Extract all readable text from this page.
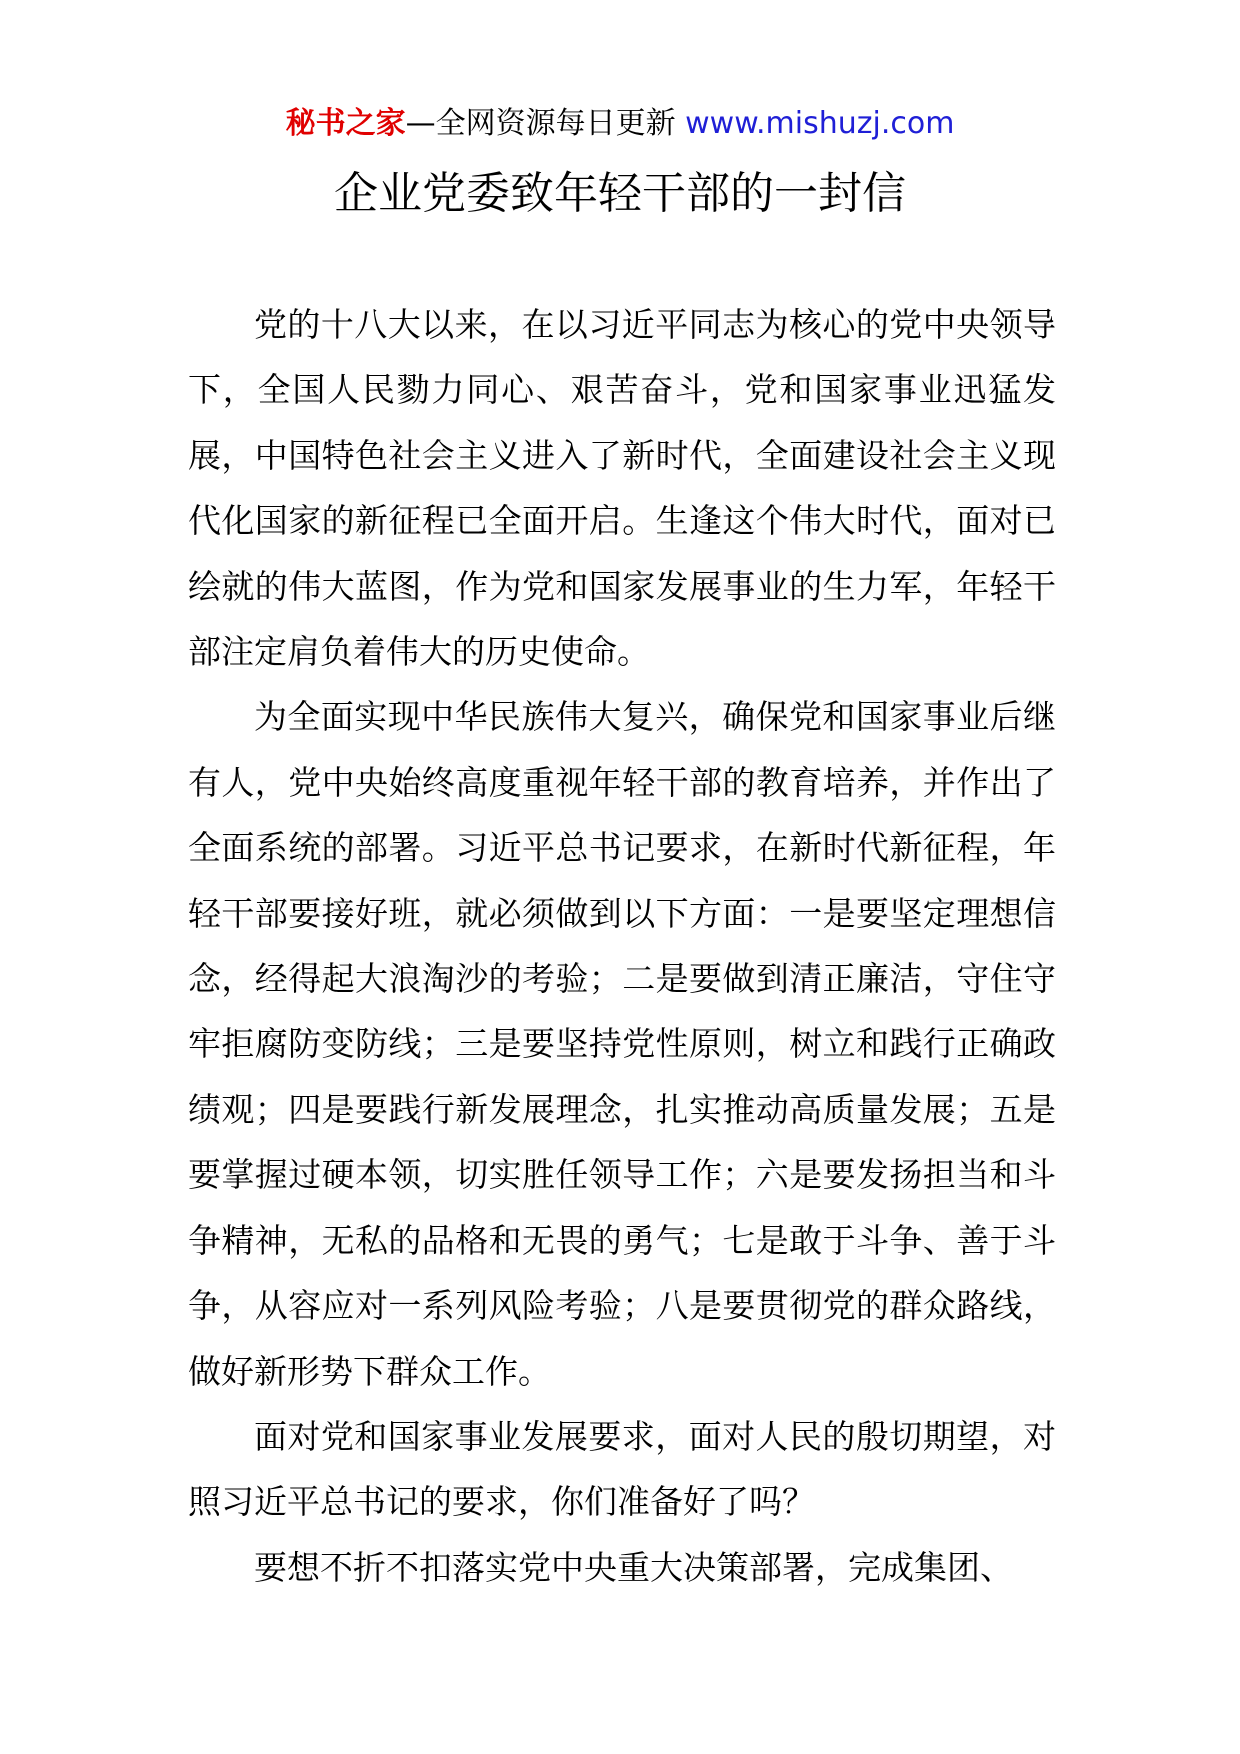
秘书之家—全网资源每日更新 www.mishuzj.com
企业党委致年轻干部的一封信

党的十八大以来，在以习近平同志为核心的党中央领导下，全国人民勠力同心、艰苦奋斗，党和国家事业迅猛发展，中国特色社会主义进入了新时代，全面建设社会主义现代化国家的新征程已全面开启。生逢这个伟大时代，面对已绘就的伟大蓝图，作为党和国家发展事业的生力军，年轻干部注定肩负着伟大的历史使命。

为全面实现中华民族伟大复兴，确保党和国家事业后继有人，党中央始终高度重视年轻干部的教育培养，并作出了全面系统的部署。习近平总书记要求，在新时代新征程，年轻干部要接好班，就必须做到以下方面：一是要坚定理想信念，经得起大浪淘沙的考验；二是要做到清正廉洁，守住守牢拒腐防变防线；三是要坚持党性原则，树立和践行正确政绩观；四是要践行新发展理念，扎实推动高质量发展；五是要掌握过硬本领，切实胜任领导工作；六是要发扬担当和斗争精神，无私的品格和无畏的勇气；七是敢于斗争、善于斗争，从容应对一系列风险考验；八是要贯彻党的群众路线，做好新形势下群众工作。

面对党和国家事业发展要求，面对人民的殷切期望，对照习近平总书记的要求，你们准备好了吗？

要想不折不扣落实党中央重大决策部署，完成集团、
